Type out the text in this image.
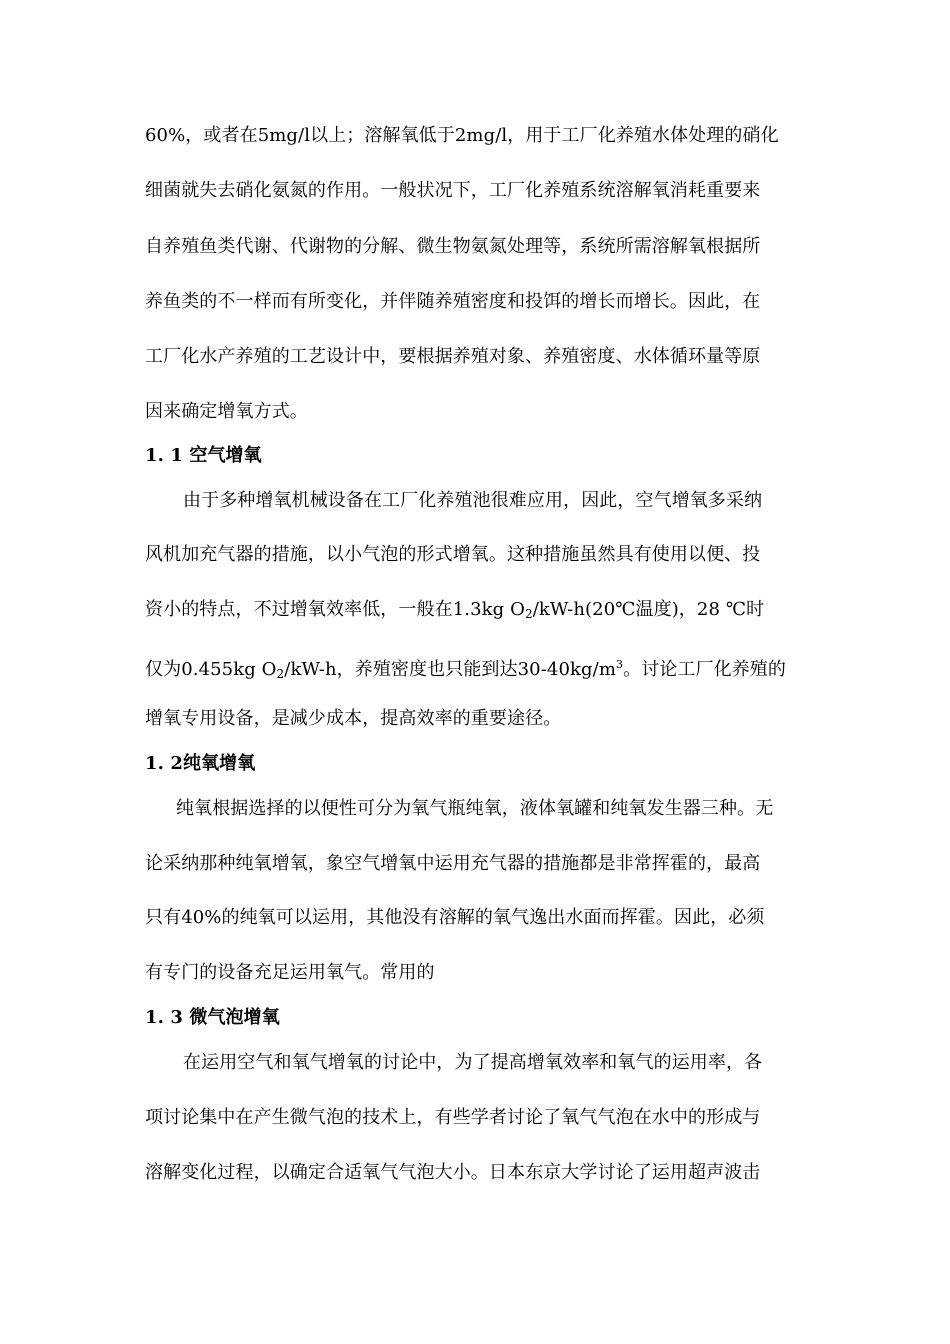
60%，或者在5mg/l以上；溶解氧低于2mg/l，用于工厂化养殖水体处理的硝化
细菌就失去硝化氨氮的作用。一般状况下，工厂化养殖系统溶解氧消耗重要来
自养殖鱼类代谢、代谢物的分解、微生物氨氮处理等，系统所需溶解氧根据所
养鱼类的不一样而有所变化，并伴随养殖密度和投饵的增长而增长。因此，在
工厂化水产养殖的工艺设计中，要根据养殖对象、养殖密度、水体循环量等原
因来确定增氧方式。
1. 1 空气增氧
由于多种增氧机械设备在工厂化养殖池很难应用，因此，空气增氧多采纳
风机加充气器的措施，以小气泡的形式增氧。这种措施虽然具有使用以便、投
资小的特点，不过增氧效率低，一般在1.3kg $O_2/kW-h(20℃$温度)，28 ℃时
仅为0.455kg $O_2/kW-h$，养殖密度也只能到达$30-40kg/m^3$。讨论工厂化养殖的
增氧专用设备，是减少成本，提高效率的重要途径。
1. 2纯氧增氧
纯氧根据选择的以便性可分为氧气瓶纯氧，液体氧罐和纯氧发生器三种。无
论采纳那种纯氧增氧，象空气增氧中运用充气器的措施都是非常挥霍的，最高
只有40%的纯氧可以运用，其他没有溶解的氧气逸出水面而挥霍。因此，必须
有专门的设备充足运用氧气。常用的
1. 3 微气泡增氧
在运用空气和氧气增氧的讨论中，为了提高增氧效率和氧气的运用率，各
项讨论集中在产生微气泡的技术上，有些学者讨论了氧气气泡在水中的形成与
溶解变化过程，以确定合适氧气气泡大小。日本东京大学讨论了运用超声波击
